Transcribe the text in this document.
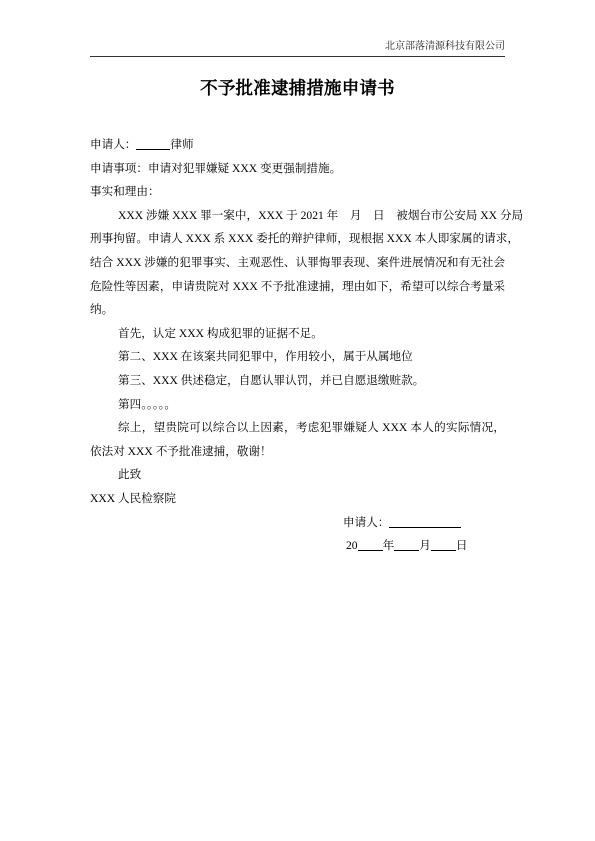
北京部落清源科技有限公司
不予批准逮捕措施申请书
申请人：	律师
申请事项：申请对犯罪嫌疑 XXX 变更强制措施。
事实和理由：
XXX 涉嫌 XXX 罪一案中，XXX 于 2021 年　月　日　被烟台市公安局 XX 分局
刑事拘留。申请人 XXX 系 XXX 委托的辩护律师，现根据 XXX 本人即家属的请求，
结合 XXX 涉嫌的犯罪事实、主观恶性、认罪悔罪表现、案件进展情况和有无社会
危险性等因素，申请贵院对 XXX 不予批准逮捕，理由如下，希望可以综合考量采
纳。
首先，认定 XXX 构成犯罪的证据不足。
第二、XXX 在该案共同犯罪中，作用较小，属于从属地位
第三、XXX 供述稳定，自愿认罪认罚，并已自愿退缴赃款。
第四。。。。。
综上，望贵院可以综合以上因素，考虑犯罪嫌疑人 XXX 本人的实际情况，
依法对 XXX 不予批准逮捕，敬谢！
此致
XXX 人民检察院
申请人：
20 年 月 日
